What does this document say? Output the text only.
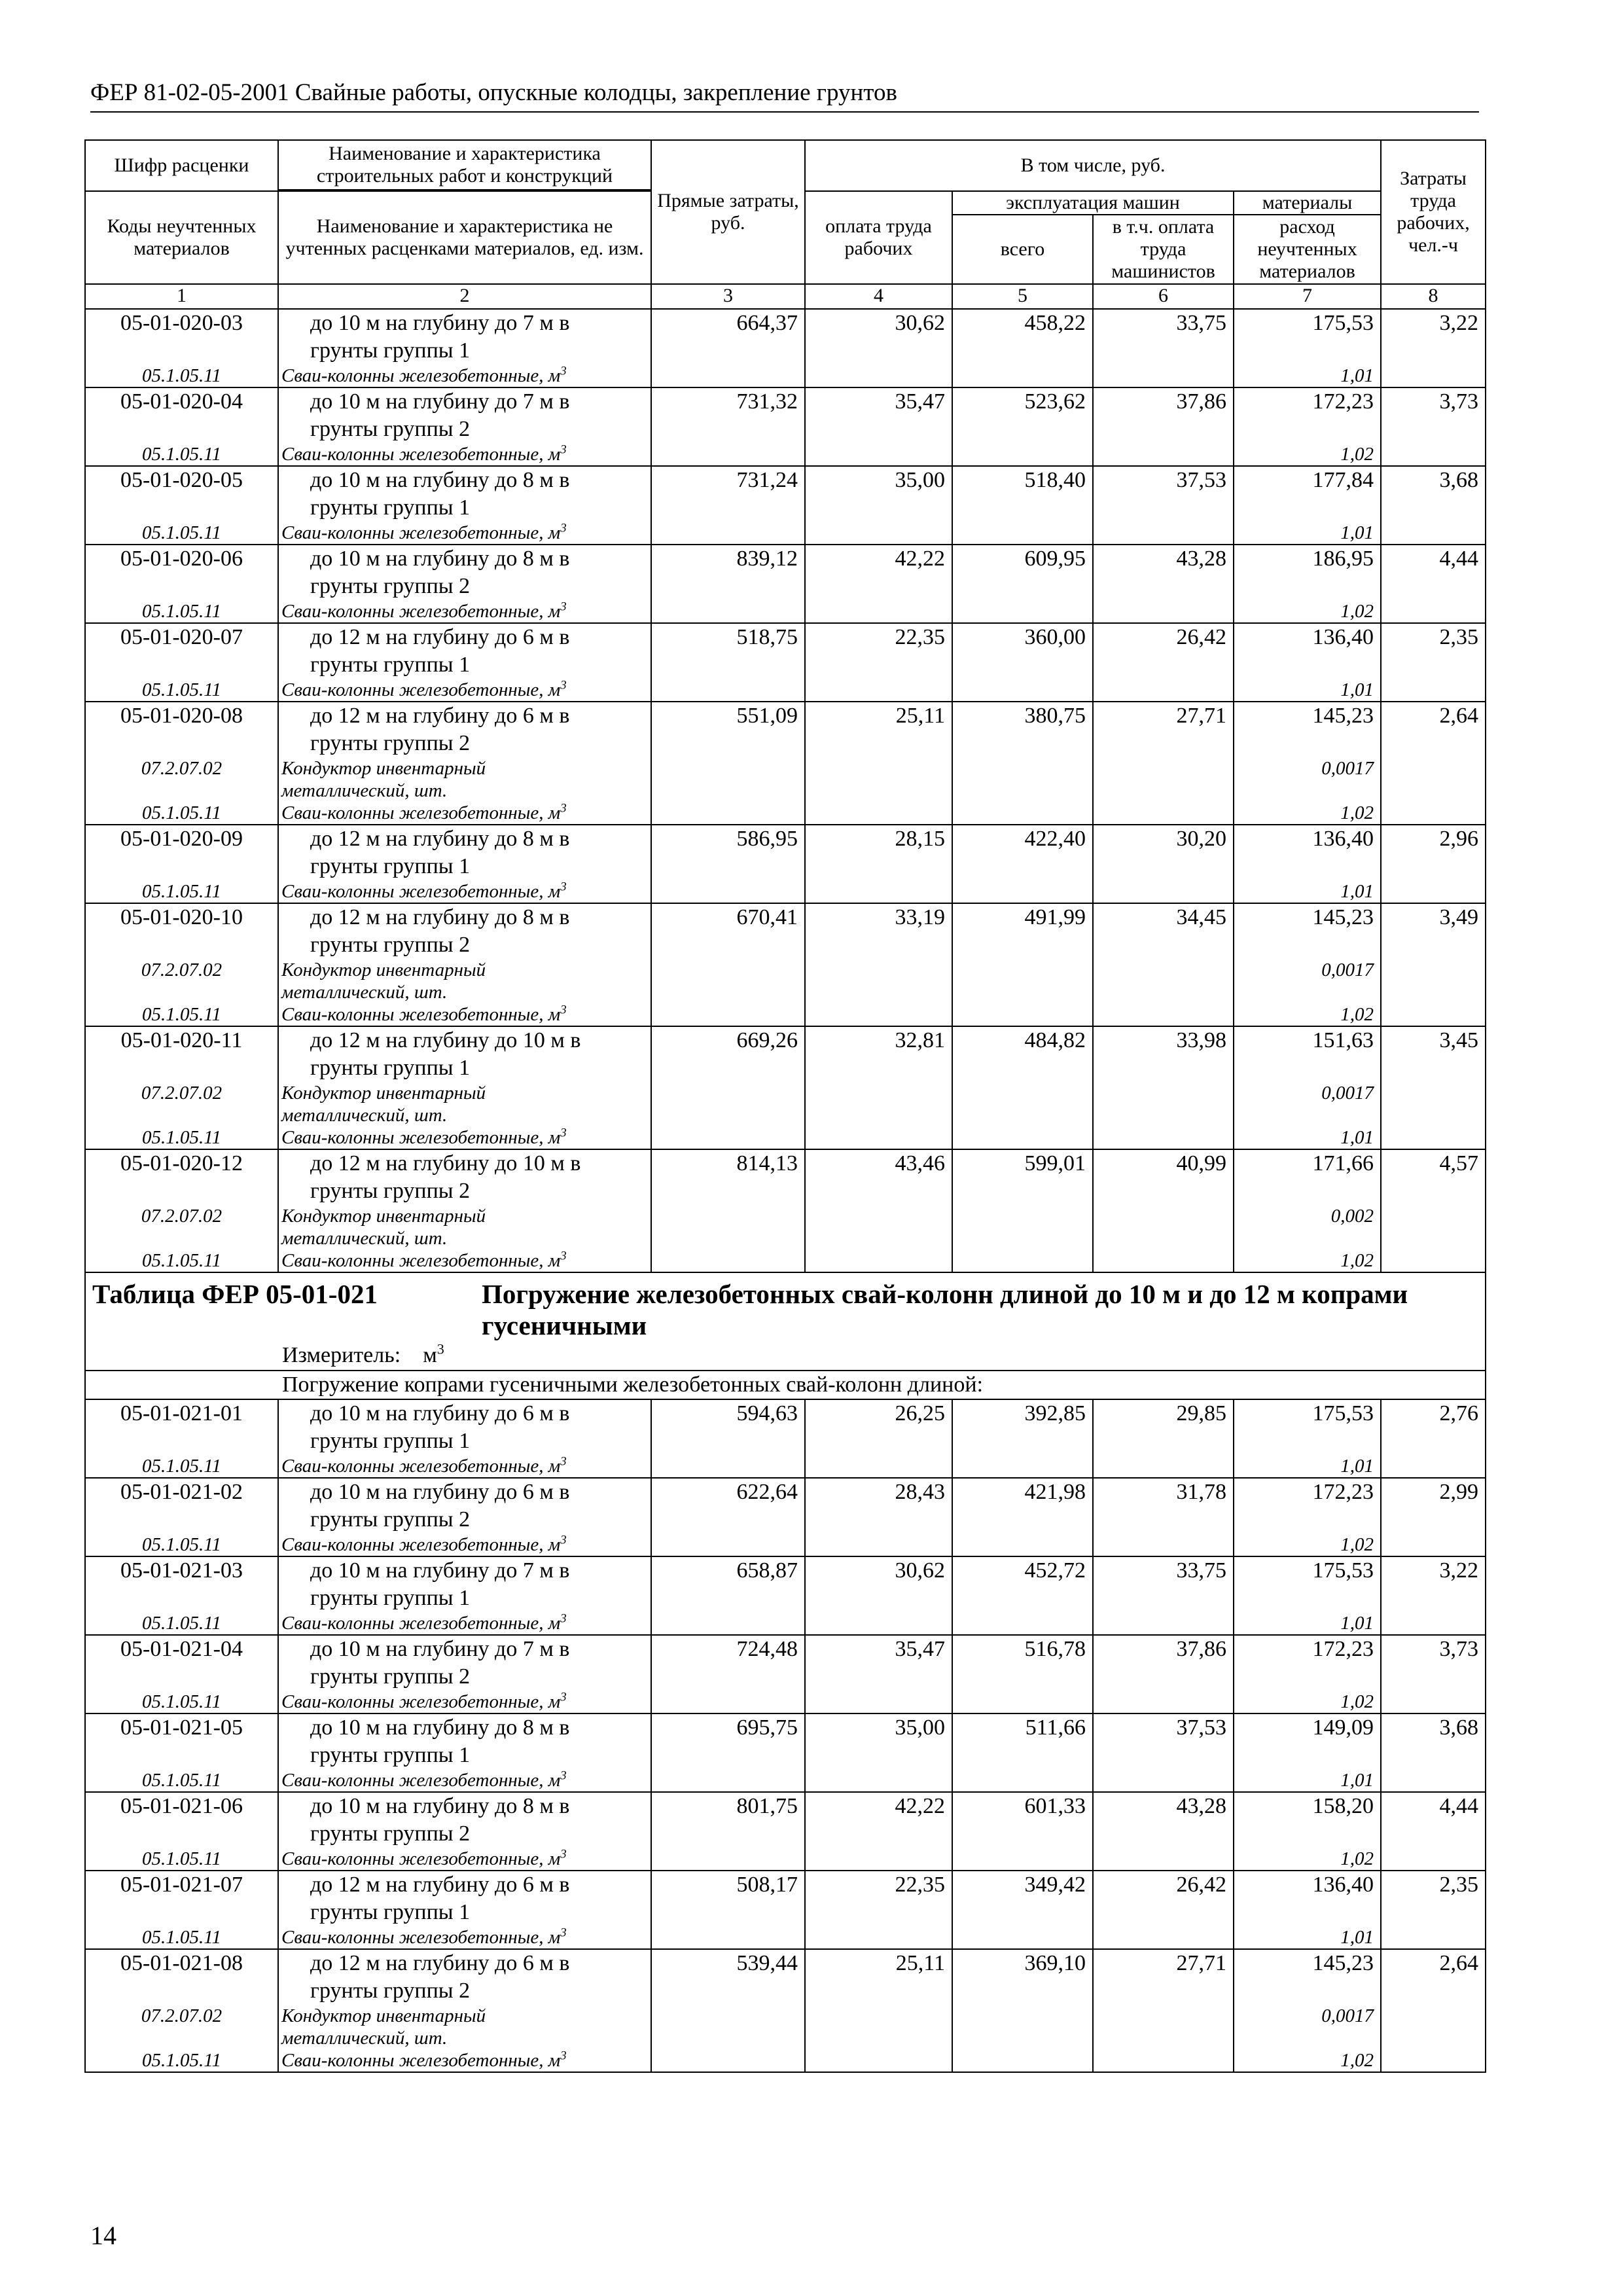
ФЕР 81-02-05-2001 Свайные работы, опускные колодцы, закрепление грунтов
Шифр расценки	Наименование и характеристика строительных работ и конструкций	Прямые затраты, руб.	В том числе, руб.				Затраты труда рабочих, чел.-ч

Коды неучтенных материалов	Наименование и характеристика не учтенных расценками материалов, ед. изм.		оплата труда рабочих	эксплуатация машин		материалы	
				всего	в т.ч. оплата труда машинистов	расход неучтенных материалов	
1	2	3	4	5	6	7	8
05-01-020-03	до 10 м на глубину до 7 м в	664,37	30,62	458,22	33,75	175,53	3,22
	грунты группы 1						
05.1.05.11	Сваи-колонны железобетонные, $м^3$					1,01	
05-01-020-04	до 10 м на глубину до 7 м в	731,32	35,47	523,62	37,86	172,23	3,73
	грунты группы 2						
05.1.05.11	Сваи-колонны железобетонные, $м^3$					1,02	
05-01-020-05	до 10 м на глубину до 8 м в	731,24	35,00	518,40	37,53	177,84	3,68
	грунты группы 1						
05.1.05.11	Сваи-колонны железобетонные, $м^3$					1,01	
05-01-020-06	до 10 м на глубину до 8 м в	839,12	42,22	609,95	43,28	186,95	4,44
	грунты группы 2						
05.1.05.11	Сваи-колонны железобетонные, $м^3$					1,02	
05-01-020-07	до 12 м на глубину до 6 м в	518,75	22,35	360,00	26,42	136,40	2,35
	грунты группы 1						
05.1.05.11	Сваи-колонны железобетонные, $м^3$					1,01	
05-01-020-08	до 12 м на глубину до 6 м в	551,09	25,11	380,75	27,71	145,23	2,64
	грунты группы 2						
07.2.07.02	Кондуктор инвентарный					0,0017	
	металлический, шт.						
05.1.05.11	Сваи-колонны железобетонные, $м^3$					1,02	
05-01-020-09	до 12 м на глубину до 8 м в	586,95	28,15	422,40	30,20	136,40	2,96
	грунты группы 1						
05.1.05.11	Сваи-колонны железобетонные, $м^3$					1,01	
05-01-020-10	до 12 м на глубину до 8 м в	670,41	33,19	491,99	34,45	145,23	3,49
	грунты группы 2						
07.2.07.02	Кондуктор инвентарный					0,0017	
	металлический, шт.						
05.1.05.11	Сваи-колонны железобетонные, $м^3$					1,02	
05-01-020-11	до 12 м на глубину до 10 м в	669,26	32,81	484,82	33,98	151,63	3,45
	грунты группы 1						
07.2.07.02	Кондуктор инвентарный					0,0017	
	металлический, шт.						
05.1.05.11	Сваи-колонны железобетонные, $м^3$					1,01	
05-01-020-12	до 12 м на глубину до 10 м в	814,13	43,46	599,01	40,99	171,66	4,57
	грунты группы 2						
07.2.07.02	Кондуктор инвентарный					0,002	
	металлический, шт.						
05.1.05.11	Сваи-колонны железобетонные, $м^3$					1,02	
Таблица ФЕР 05-01-021 Погружение железобетонных свай-колонн длиной до 10 м и до 12 м копрами гусеничными							
Измеритель: $м^3$
Погружение копрами гусеничными железобетонных свай-колонн длиной:							
05-01-021-01	до 10 м на глубину до 6 м в	594,63	26,25	392,85	29,85	175,53	2,76
	грунты группы 1						
05.1.05.11	Сваи-колонны железобетонные, $м^3$					1,01	
05-01-021-02	до 10 м на глубину до 6 м в	622,64	28,43	421,98	31,78	172,23	2,99
	грунты группы 2						
05.1.05.11	Сваи-колонны железобетонные, $м^3$					1,02	
05-01-021-03	до 10 м на глубину до 7 м в	658,87	30,62	452,72	33,75	175,53	3,22
	грунты группы 1						
05.1.05.11	Сваи-колонны железобетонные, $м^3$					1,01	
05-01-021-04	до 10 м на глубину до 7 м в	724,48	35,47	516,78	37,86	172,23	3,73
	грунты группы 2						
05.1.05.11	Сваи-колонны железобетонные, $м^3$					1,02	
05-01-021-05	до 10 м на глубину до 8 м в	695,75	35,00	511,66	37,53	149,09	3,68
	грунты группы 1						
05.1.05.11	Сваи-колонны железобетонные, $м^3$					1,01	
05-01-021-06	до 10 м на глубину до 8 м в	801,75	42,22	601,33	43,28	158,20	4,44
	грунты группы 2						
05.1.05.11	Сваи-колонны железобетонные, $м^3$					1,02	
05-01-021-07	до 12 м на глубину до 6 м в	508,17	22,35	349,42	26,42	136,40	2,35
	грунты группы 1						
05.1.05.11	Сваи-колонны железобетонные, $м^3$					1,01	
05-01-021-08	до 12 м на глубину до 6 м в	539,44	25,11	369,10	27,71	145,23	2,64
	грунты группы 2						
07.2.07.02	Кондуктор инвентарный					0,0017	
	металлический, шт.						
05.1.05.11	Сваи-колонны железобетонные, $м^3$					1,02	
14
